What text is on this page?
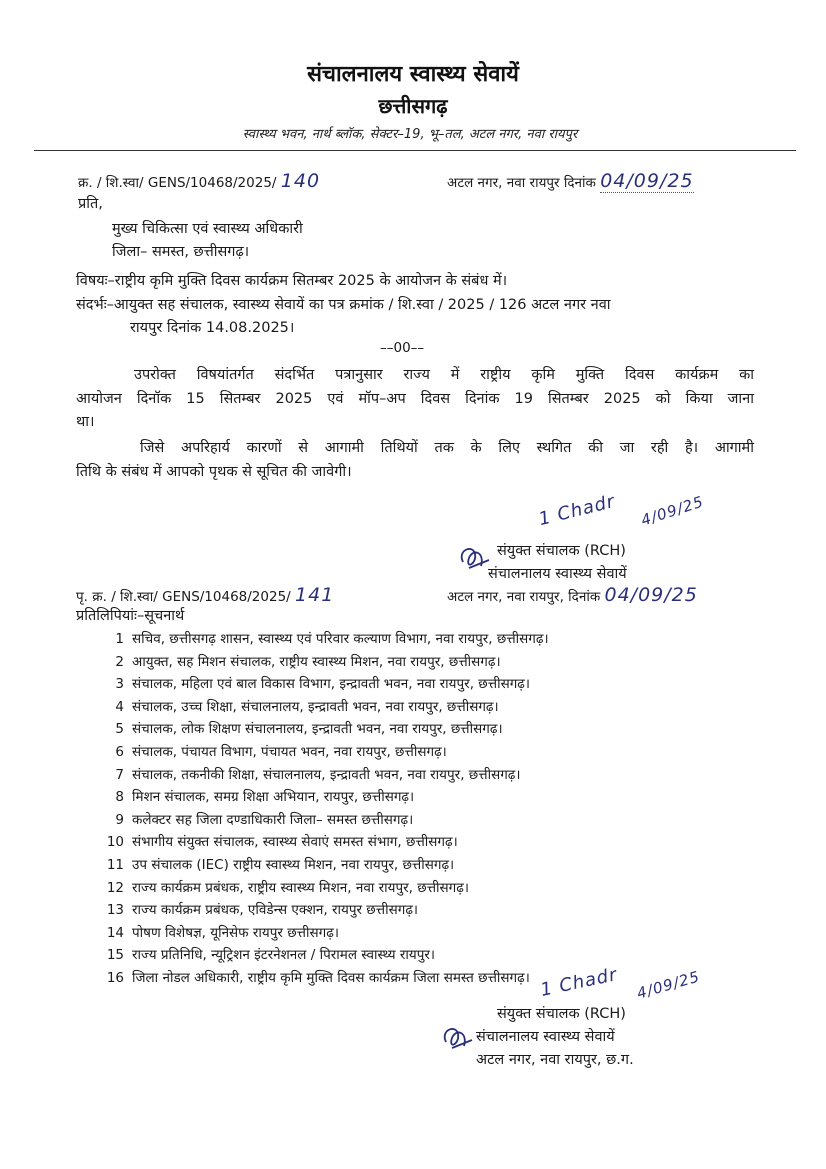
संचालनालय स्वास्थ्य सेवायें
छत्तीसगढ़
स्वास्थ्य भवन, नार्थ ब्लॉक, सेक्टर–19, भू–तल, अटल नगर, नवा रायपुर
क्र. / शि.स्वा/ GENS/10468/2025/ 140	अटल नगर, नवा रायपुर दिनांक 04/09/25
प्रति,
मुख्य चिकित्सा एवं स्वास्थ्य अधिकारी
जिला– समस्त, छत्तीसगढ़।
विषयः–राष्ट्रीय कृमि मुक्ति दिवस कार्यक्रम सितम्बर 2025 के आयोजन के संबंध में।
संदर्भः–आयुक्त सह संचालक, स्वास्थ्य सेवायें का पत्र क्रमांक / शि.स्वा / 2025 / 126 अटल नगर नवा
रायपुर दिनांक 14.08.2025।
––00––
उपरोक्त विषयांतर्गत संदर्भित पत्रानुसार राज्य में राष्ट्रीय कृमि मुक्ति दिवस कार्यक्रम का
आयोजन दिनॉक 15 सितम्बर 2025 एवं मॉप–अप दिवस दिनांक 19 सितम्बर 2025 को किया जाना
था।
जिसे अपरिहार्य कारणों से आगामी तिथियों तक के लिए स्थगित की जा रही है। आगामी
तिथि के संबंध में आपको पृथक से सूचित की जावेगी।
1 Chadr 4/09/25
संयुक्त संचालक (RCH)
संचालनालय स्वास्थ्य सेवायें
पृ. क्र. / शि.स्वा/ GENS/10468/2025/ 141	अटल नगर, नवा रायपुर, दिनांक 04/09/25
प्रतिलिपियांः–सूचनार्थ
1 सचिव, छत्तीसगढ़ शासन, स्वास्थ्य एवं परिवार कल्याण विभाग, नवा रायपुर, छत्तीसगढ़।
2 आयुक्त, सह मिशन संचालक, राष्ट्रीय स्वास्थ्य मिशन, नवा रायपुर, छत्तीसगढ़।
3 संचालक, महिला एवं बाल विकास विभाग, इन्द्रावती भवन, नवा रायपुर, छत्तीसगढ़।
4 संचालक, उच्च शिक्षा, संचालनालय, इन्द्रावती भवन, नवा रायपुर, छत्तीसगढ़।
5 संचालक, लोक शिक्षण संचालनालय, इन्द्रावती भवन, नवा रायपुर, छत्तीसगढ़।
6 संचालक, पंचायत विभाग, पंचायत भवन, नवा रायपुर, छत्तीसगढ़।
7 संचालक, तकनीकी शिक्षा, संचालनालय, इन्द्रावती भवन, नवा रायपुर, छत्तीसगढ़।
8 मिशन संचालक, समग्र शिक्षा अभियान, रायपुर, छत्तीसगढ़।
9 कलेक्टर सह जिला दण्डाधिकारी जिला– समस्त छत्तीसगढ़।
10 संभागीय संयुक्त संचालक, स्वास्थ्य सेवाएं समस्त संभाग, छत्तीसगढ़।
11 उप संचालक (IEC) राष्ट्रीय स्वास्थ्य मिशन, नवा रायपुर, छत्तीसगढ़।
12 राज्य कार्यक्रम प्रबंधक, राष्ट्रीय स्वास्थ्य मिशन, नवा रायपुर, छत्तीसगढ़।
13 राज्य कार्यक्रम प्रबंधक, एविडेन्स एक्शन, रायपुर छत्तीसगढ़।
14 पोषण विशेषज्ञ, यूनिसेफ रायपुर छत्तीसगढ़।
15 राज्य प्रतिनिधि, न्यूट्रिशन इंटरनेशनल / पिरामल स्वास्थ्य रायपुर।
16 जिला नोडल अधिकारी, राष्ट्रीय कृमि मुक्ति दिवस कार्यक्रम जिला समस्त छत्तीसगढ़। 1 Chadr 4/09/25
संयुक्त संचालक (RCH)
संचालनालय स्वास्थ्य सेवायें
अटल नगर, नवा रायपुर, छ.ग.
